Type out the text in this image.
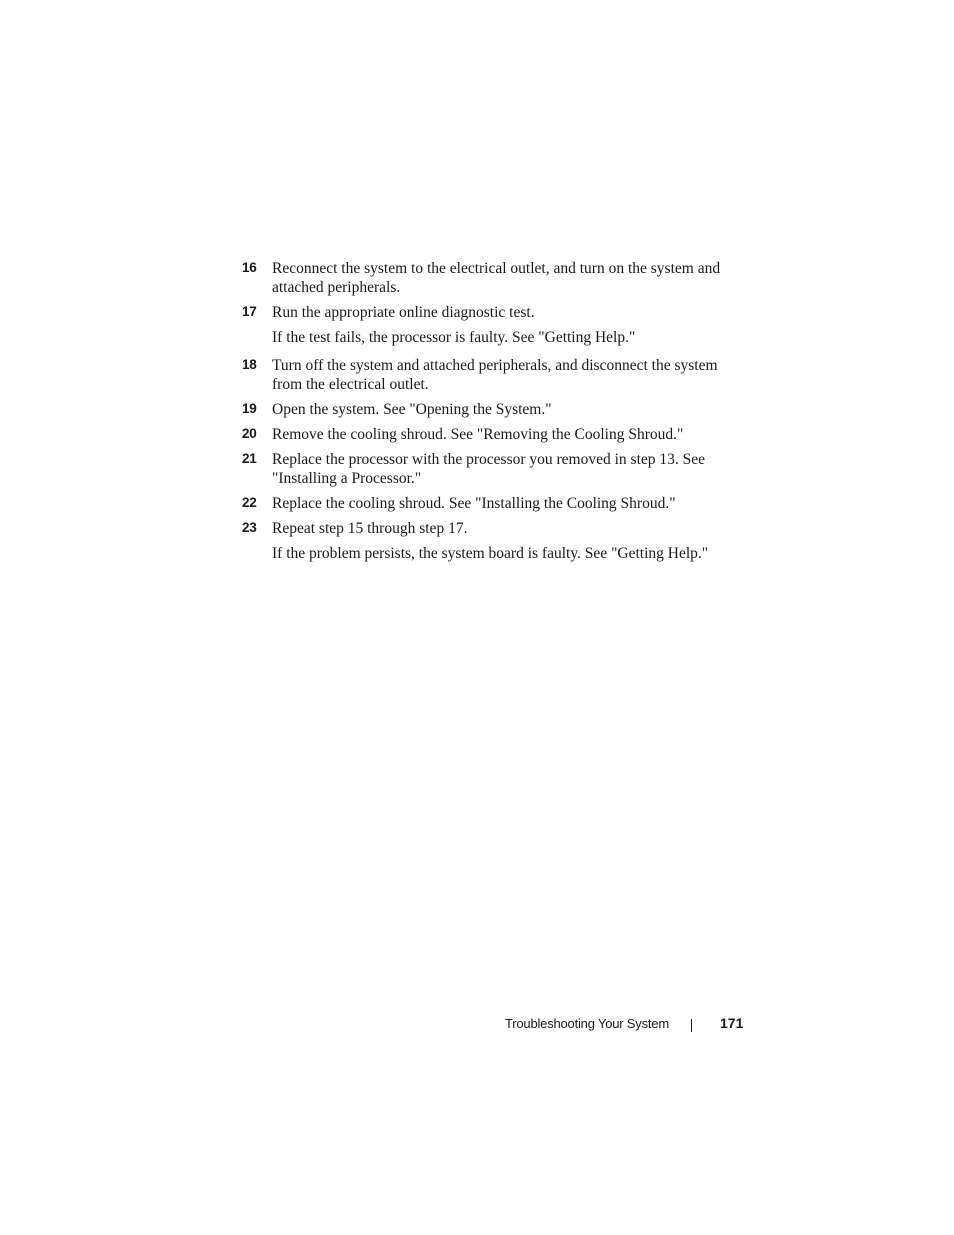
16 Reconnect the system to the electrical outlet, and turn on the system and attached peripherals.
17 Run the appropriate online diagnostic test.
If the test fails, the processor is faulty. See "Getting Help."
18 Turn off the system and attached peripherals, and disconnect the system from the electrical outlet.
19 Open the system. See "Opening the System."
20 Remove the cooling shroud. See "Removing the Cooling Shroud."
21 Replace the processor with the processor you removed in step 13. See "Installing a Processor."
22 Replace the cooling shroud. See "Installing the Cooling Shroud."
23 Repeat step 15 through step 17.
If the problem persists, the system board is faulty. See "Getting Help."
Troubleshooting Your System	171
